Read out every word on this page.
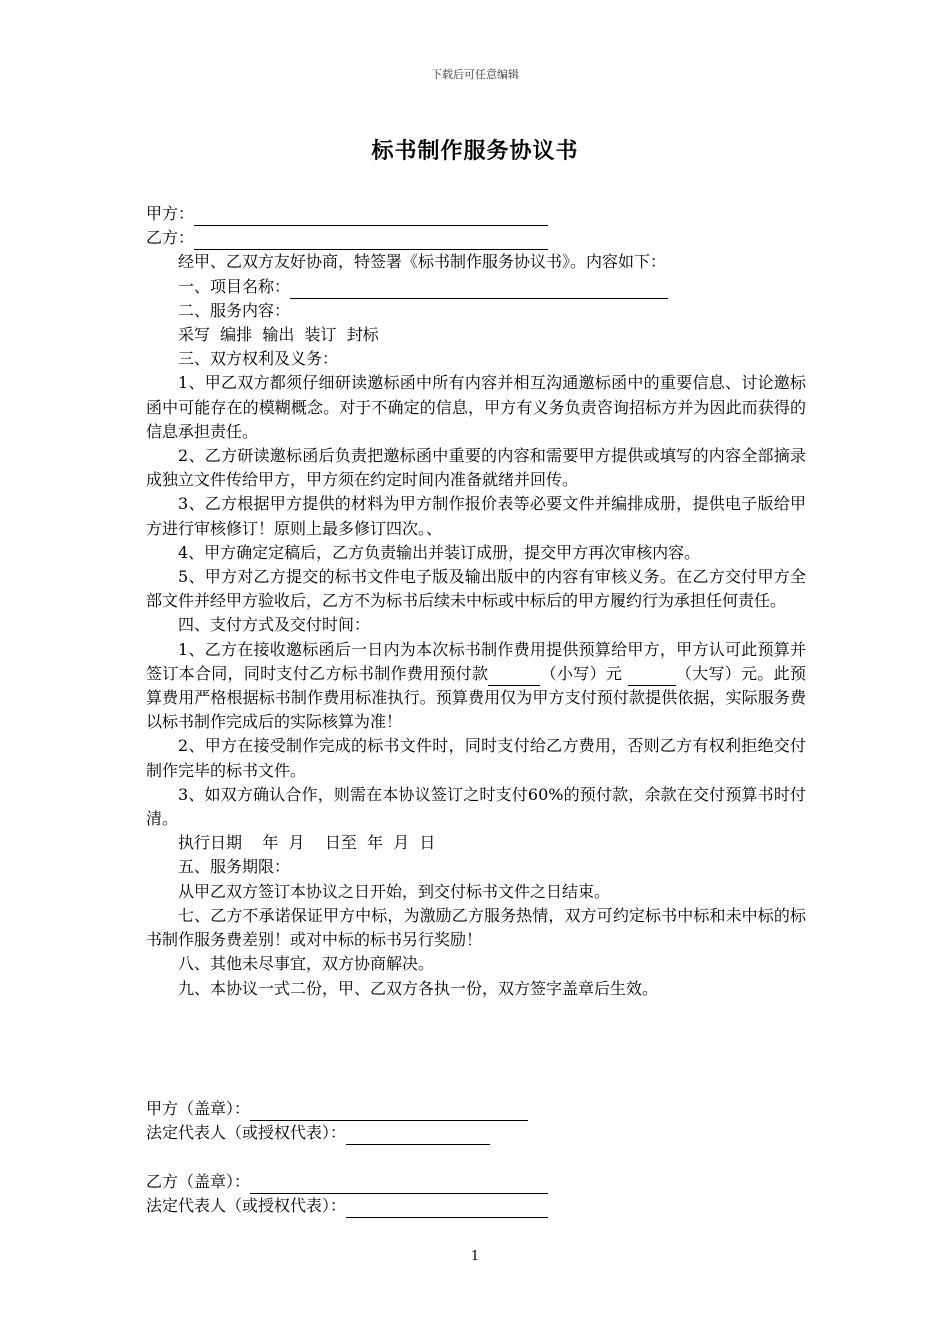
下载后可任意编辑
标书制作服务协议书

甲方：

乙方：

经甲、乙双方友好协商，特签署《标书制作服务协议书》。内容如下：

一、项目名称：

二、服务内容：

采写  编排  输出  装订  封标

三、双方权利及义务：

1、甲乙双方都须仔细研读邀标函中所有内容并相互沟通邀标函中的重要信息、讨论邀标函中可能存在的模糊概念。对于不确定的信息，甲方有义务负责咨询招标方并为因此而获得的信息承担责任。

2、乙方研读邀标函后负责把邀标函中重要的内容和需要甲方提供或填写的内容全部摘录成独立文件传给甲方，甲方须在约定时间内准备就绪并回传。

3、乙方根据甲方提供的材料为甲方制作报价表等必要文件并编排成册，提供电子版给甲方进行审核修订！原则上最多修订四次。、

4、甲方确定定稿后，乙方负责输出并装订成册，提交甲方再次审核内容。

5、甲方对乙方提交的标书文件电子版及输出版中的内容有审核义务。在乙方交付甲方全部文件并经甲方验收后，乙方不为标书后续未中标或中标后的甲方履约行为承担任何责任。

四、支付方式及交付时间：

1、乙方在接收邀标函后一日内为本次标书制作费用提供预算给甲方，甲方认可此预算并签订本合同，同时支付乙方标书制作费用预付款	（小写）元	（大写）元。此预算费用严格根据标书制作费用标准执行。预算费用仅为甲方支付预付款提供依据，实际服务费以标书制作完成后的实际核算为准！

2、甲方在接受制作完成的标书文件时，同时支付给乙方费用，否则乙方有权利拒绝交付制作完毕的标书文件。

3、如双方确认合作，则需在本协议签订之时支付60%的预付款，余款在交付预算书时付清。

执行日期    年  月    日至  年  月  日

五、服务期限：

从甲乙双方签订本协议之日开始，到交付标书文件之日结束。

七、乙方不承诺保证甲方中标，为激励乙方服务热情，双方可约定标书中标和未中标的标书制作服务费差别！或对中标的标书另行奖励！

八、其他未尽事宜，双方协商解决。

九、本协议一式二份，甲、乙双方各执一份，双方签字盖章后生效。

甲方（盖章）：

法定代表人（或授权代表）：

乙方（盖章）：

法定代表人（或授权代表）：

1
